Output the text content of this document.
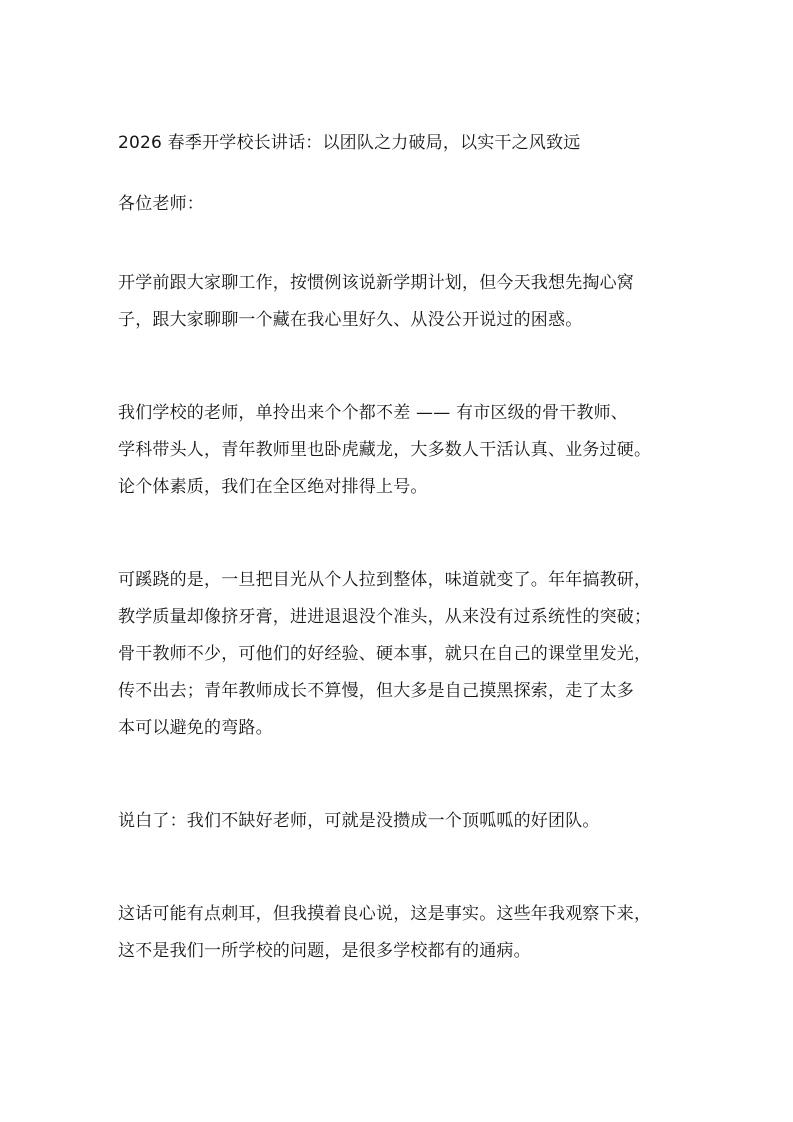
2026 春季开学校长讲话：以团队之力破局，以实干之风致远
各位老师：
开学前跟大家聊工作，按惯例该说新学期计划，但今天我想先掏心窝
子，跟大家聊聊一个藏在我心里好久、从没公开说过的困惑。
我们学校的老师，单拎出来个个都不差 —— 有市区级的骨干教师、
学科带头人，青年教师里也卧虎藏龙，大多数人干活认真、业务过硬。
论个体素质，我们在全区绝对排得上号。
可蹊跷的是，一旦把目光从个人拉到整体，味道就变了。年年搞教研，
教学质量却像挤牙膏，进进退退没个准头，从来没有过系统性的突破；
骨干教师不少，可他们的好经验、硬本事，就只在自己的课堂里发光，
传不出去；青年教师成长不算慢，但大多是自己摸黑探索，走了太多
本可以避免的弯路。
说白了：我们不缺好老师，可就是没攒成一个顶呱呱的好团队。
这话可能有点刺耳，但我摸着良心说，这是事实。这些年我观察下来，
这不是我们一所学校的问题，是很多学校都有的通病。
